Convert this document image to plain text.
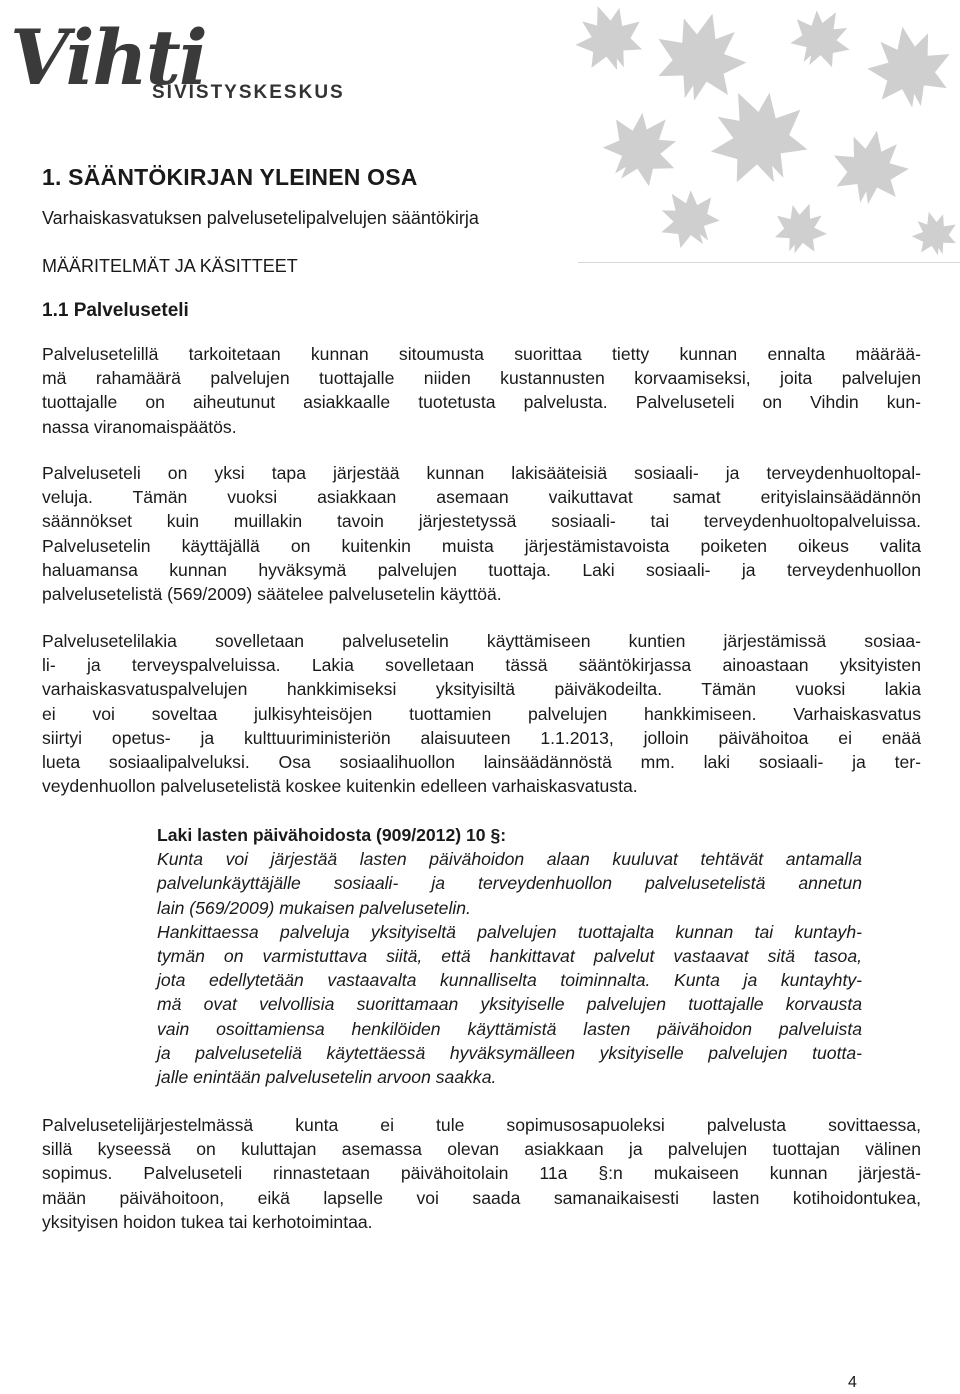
Vihti
SIVISTYSKESKUS
1. SÄÄNTÖKIRJAN YLEINEN OSA

Varhaiskasvatuksen palvelusetelipalvelujen sääntökirja

MÄÄRITELMÄT JA KÄSITTEET

1.1 Palveluseteli
Palvelusetelillä tarkoitetaan kunnan sitoumusta suorittaa tietty kunnan ennalta määrää-
mä rahamäärä palvelujen tuottajalle niiden kustannusten korvaamiseksi, joita palvelujen
tuottajalle on aiheutunut asiakkaalle tuotetusta palvelusta. Palveluseteli on Vihdin kun-
nassa viranomaispäätös.
Palveluseteli on yksi tapa järjestää kunnan lakisääteisiä sosiaali- ja terveydenhuoltopal-
veluja. Tämän vuoksi asiakkaan asemaan vaikuttavat samat erityislainsäädännön
säännökset kuin muillakin tavoin järjestetyssä sosiaali- tai terveydenhuoltopalveluissa.
Palvelusetelin käyttäjällä on kuitenkin muista järjestämistavoista poiketen oikeus valita
haluamansa kunnan hyväksymä palvelujen tuottaja. Laki sosiaali- ja terveydenhuollon
palvelusetelistä (569/2009) säätelee palvelusetelin käyttöä.
Palvelusetelilakia sovelletaan palvelusetelin käyttämiseen kuntien järjestämissä sosiaa-
li- ja terveyspalveluissa. Lakia sovelletaan tässä sääntökirjassa ainoastaan yksityisten
varhaiskasvatuspalvelujen hankkimiseksi yksityisiltä päiväkodeilta. Tämän vuoksi lakia
ei voi soveltaa julkisyhteisöjen tuottamien palvelujen hankkimiseen. Varhaiskasvatus
siirtyi opetus- ja kulttuuriministeriön alaisuuteen 1.1.2013, jolloin päivähoitoa ei enää
lueta sosiaalipalveluksi. Osa sosiaalihuollon lainsäädännöstä mm. laki sosiaali- ja ter-
veydenhuollon palvelusetelistä koskee kuitenkin edelleen varhaiskasvatusta.
Laki lasten päivähoidosta (909/2012) 10 §:
Kunta voi järjestää lasten päivähoidon alaan kuuluvat tehtävät antamalla
palvelunkäyttäjälle sosiaali- ja terveydenhuollon palvelusetelistä annetun
lain (569/2009) mukaisen palvelusetelin.
Hankittaessa palveluja yksityiseltä palvelujen tuottajalta kunnan tai kuntayh-
tymän on varmistuttava siitä, että hankittavat palvelut vastaavat sitä tasoa,
jota edellytetään vastaavalta kunnalliselta toiminnalta. Kunta ja kuntayhty-
mä ovat velvollisia suorittamaan yksityiselle palvelujen tuottajalle korvausta
vain osoittamiensa henkilöiden käyttämistä lasten päivähoidon palveluista
ja palveluseteliä käytettäessä hyväksymälleen yksityiselle palvelujen tuotta-
jalle enintään palvelusetelin arvoon saakka.
Palvelusetelijärjestelmässä kunta ei tule sopimusosapuoleksi palvelusta sovittaessa,
sillä kyseessä on kuluttajan asemassa olevan asiakkaan ja palvelujen tuottajan välinen
sopimus. Palveluseteli rinnastetaan päivähoitolain 11a §:n mukaiseen kunnan järjestä-
mään päivähoitoon, eikä lapselle voi saada samanaikaisesti lasten kotihoidontukea,
yksityisen hoidon tukea tai kerhotoimintaa.
4
